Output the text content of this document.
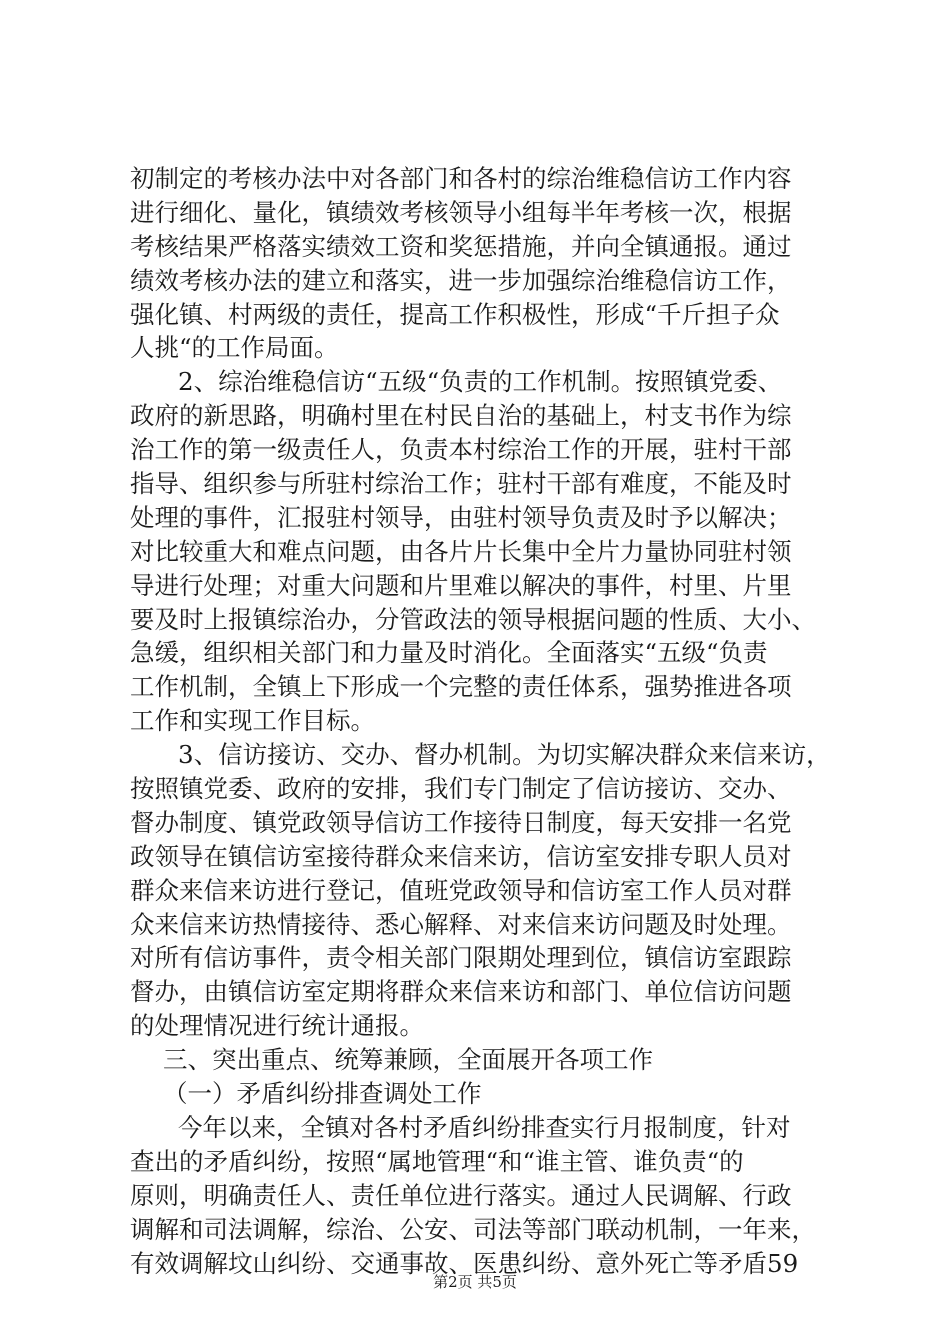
初制定的考核办法中对各部门和各村的综治维稳信访工作内容
进行细化、量化，镇绩效考核领导小组每半年考核一次，根据
考核结果严格落实绩效工资和奖惩措施，并向全镇通报。通过
绩效考核办法的建立和落实，进一步加强综治维稳信访工作，
强化镇、村两级的责任，提高工作积极性，形成“千斤担子众
人挑“的工作局面。
2、综治维稳信访“五级“负责的工作机制。按照镇党委、
政府的新思路，明确村里在村民自治的基础上，村支书作为综
治工作的第一级责任人，负责本村综治工作的开展，驻村干部
指导、组织参与所驻村综治工作；驻村干部有难度，不能及时
处理的事件，汇报驻村领导，由驻村领导负责及时予以解决；
对比较重大和难点问题，由各片片长集中全片力量协同驻村领
导进行处理；对重大问题和片里难以解决的事件，村里、片里
要及时上报镇综治办，分管政法的领导根据问题的性质、大小、
急缓，组织相关部门和力量及时消化。全面落实“五级“负责
工作机制，全镇上下形成一个完整的责任体系，强势推进各项
工作和实现工作目标。
3、信访接访、交办、督办机制。为切实解决群众来信来访，
按照镇党委、政府的安排，我们专门制定了信访接访、交办、
督办制度、镇党政领导信访工作接待日制度，每天安排一名党
政领导在镇信访室接待群众来信来访，信访室安排专职人员对
群众来信来访进行登记，值班党政领导和信访室工作人员对群
众来信来访热情接待、悉心解释、对来信来访问题及时处理。
对所有信访事件，责令相关部门限期处理到位，镇信访室跟踪
督办，由镇信访室定期将群众来信来访和部门、单位信访问题
的处理情况进行统计通报。
三、突出重点、统筹兼顾，全面展开各项工作
（一）矛盾纠纷排查调处工作
今年以来，全镇对各村矛盾纠纷排查实行月报制度，针对
查出的矛盾纠纷，按照“属地管理“和“谁主管、谁负责“的
原则，明确责任人、责任单位进行落实。通过人民调解、行政
调解和司法调解，综治、公安、司法等部门联动机制，一年来，
有效调解坟山纠纷、交通事故、医患纠纷、意外死亡等矛盾59
第2页 共5页
